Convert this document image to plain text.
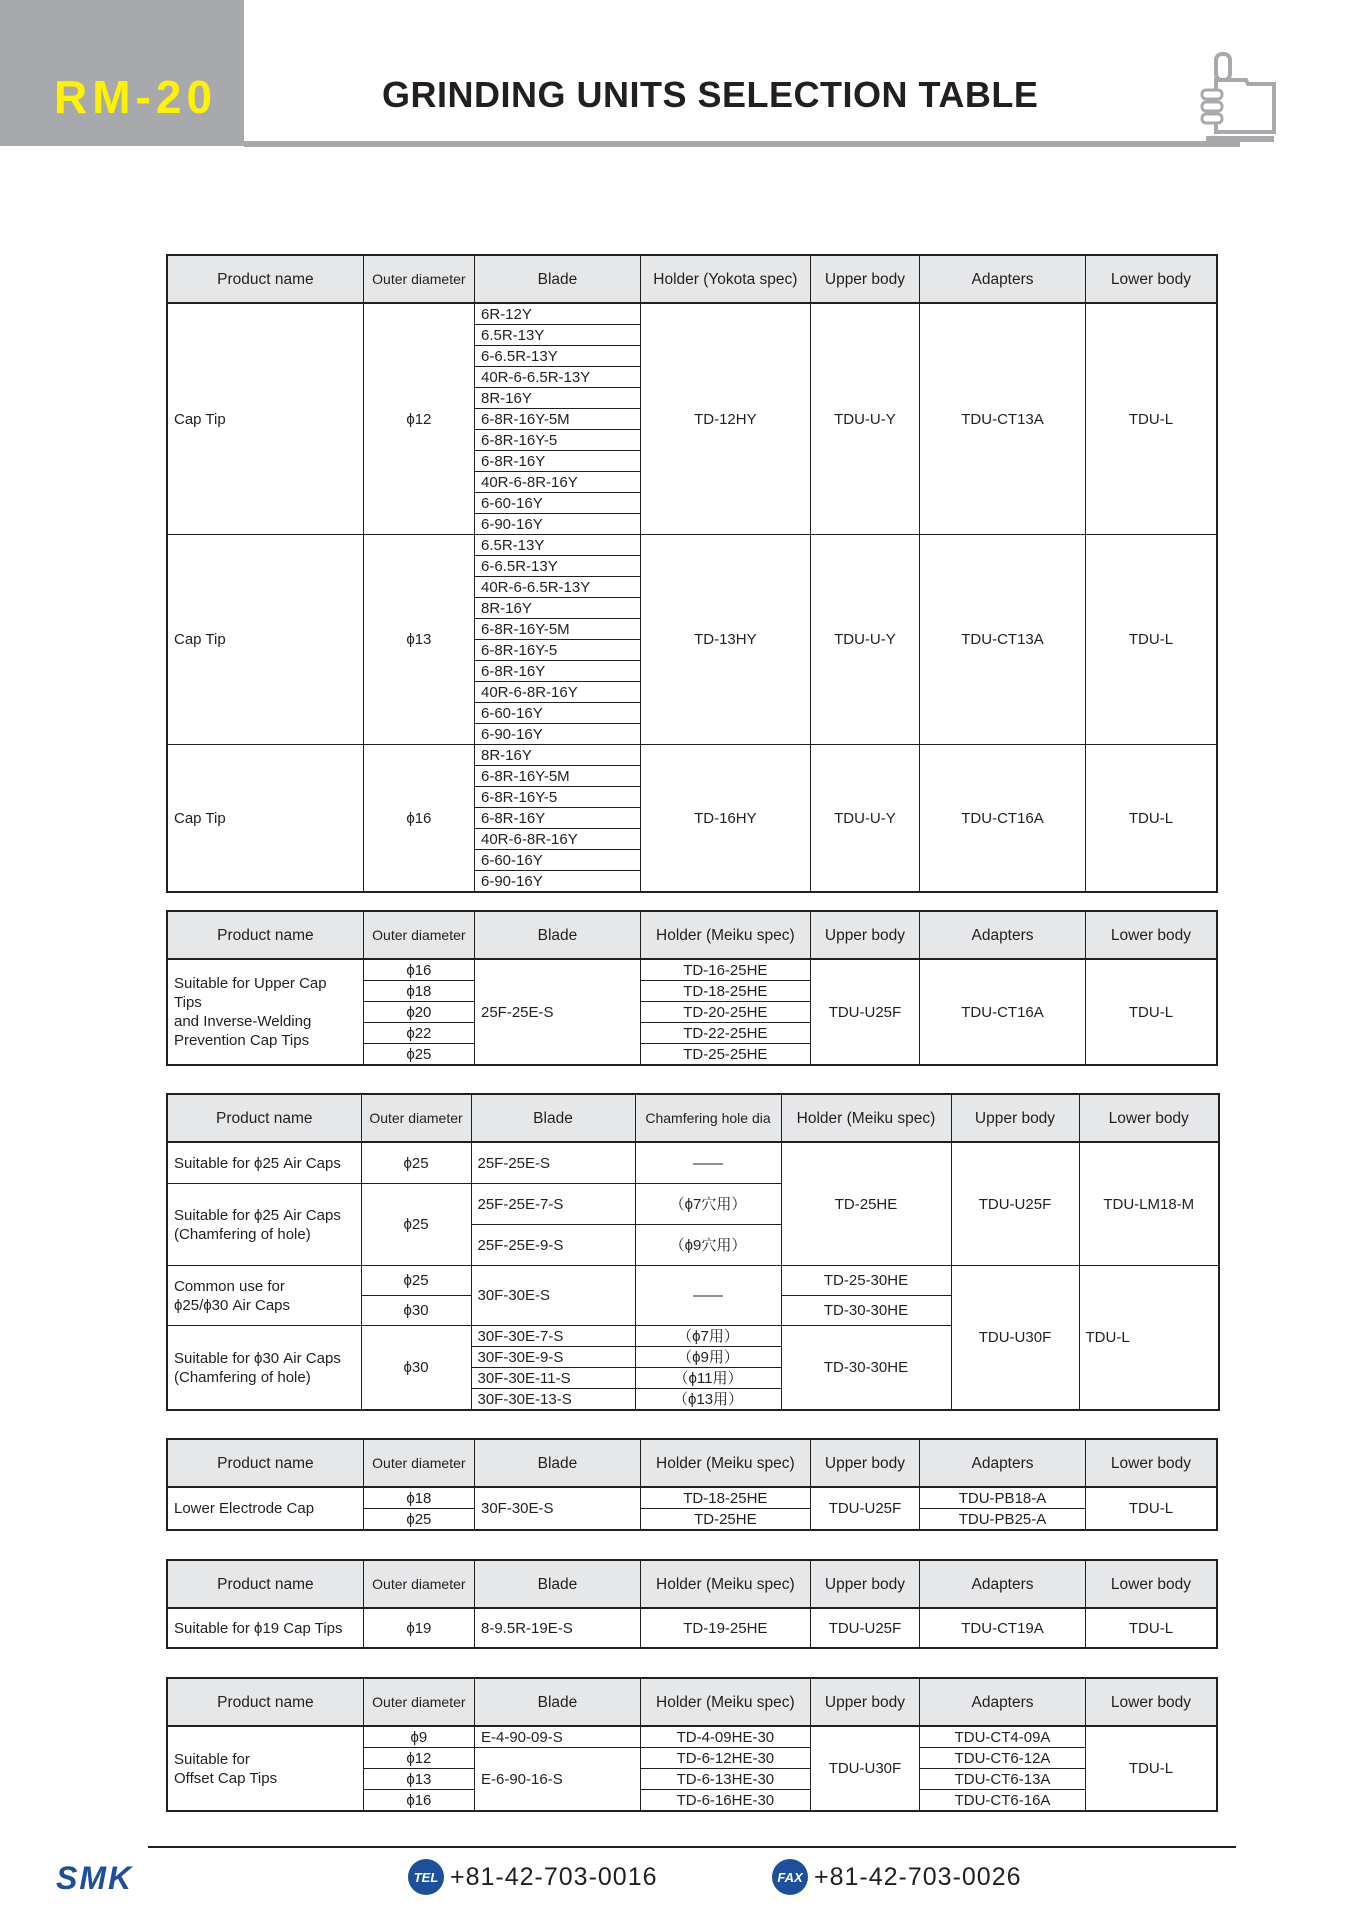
RM-20	GRINDING UNITS SELECTION TABLE
Product name	Outer diameter	Blade	Holder (Yokota spec)	Upper body	Adapters	Lower body
Cap Tip	ϕ12	6R-12Y	TD-12HY	TDU-U-Y	TDU-CT13A	TDU-L
		6.5R-13Y				
		6-6.5R-13Y				
		40R-6-6.5R-13Y				
		8R-16Y				
		6-8R-16Y-5M				
		6-8R-16Y-5				
		6-8R-16Y				
		40R-6-8R-16Y				
		6-60-16Y				
		6-90-16Y				
Cap Tip	ϕ13	6.5R-13Y	TD-13HY	TDU-U-Y	TDU-CT13A	TDU-L
		6-6.5R-13Y				
		40R-6-6.5R-13Y				
		8R-16Y				
		6-8R-16Y-5M				
		6-8R-16Y-5				
		6-8R-16Y				
		40R-6-8R-16Y				
		6-60-16Y				
		6-90-16Y				
Cap Tip	ϕ16	8R-16Y	TD-16HY	TDU-U-Y	TDU-CT16A	TDU-L
		6-8R-16Y-5M				
		6-8R-16Y-5				
		6-8R-16Y				
		40R-6-8R-16Y				
		6-60-16Y				
		6-90-16Y				
Product name	Outer diameter	Blade	Holder (Meiku spec)	Upper body	Adapters	Lower body
Suitable for Upper Cap Tips
and Inverse-Welding
Prevention Cap Tips	ϕ16	25F-25E-S	TD-16-25HE	TDU-U25F	TDU-CT16A	TDU-L
	ϕ18		TD-18-25HE			
	ϕ20		TD-20-25HE			
	ϕ22		TD-22-25HE			
	ϕ25		TD-25-25HE			
Product name	Outer diameter	Blade	Chamfering hole dia	Holder (Meiku spec)	Upper body	Lower body
Suitable for ϕ25 Air Caps	ϕ25	25F-25E-S	——	TD-25HE	TDU-U25F	TDU-LM18-M
Suitable for ϕ25 Air Caps
(Chamfering of hole)	ϕ25	25F-25E-7-S	（ϕ7穴用）			
		25F-25E-9-S	（ϕ9穴用）			
Common use for
ϕ25/ϕ30 Air Caps	ϕ25	30F-30E-S	——	TD-25-30HE	TDU-U30F	TDU-L
	ϕ30			TD-30-30HE		
Suitable for ϕ30 Air Caps
(Chamfering of hole)	ϕ30	30F-30E-7-S	（ϕ7用）	TD-30-30HE		
		30F-30E-9-S	（ϕ9用）			
		30F-30E-11-S	（ϕ11用）			
		30F-30E-13-S	（ϕ13用）			
Product name	Outer diameter	Blade	Holder (Meiku spec)	Upper body	Adapters	Lower body
Lower Electrode Cap	ϕ18	30F-30E-S	TD-18-25HE	TDU-U25F	TDU-PB18-A	TDU-L
	ϕ25		TD-25HE		TDU-PB25-A	
Product name	Outer diameter	Blade	Holder (Meiku spec)	Upper body	Adapters	Lower body
Suitable for ϕ19 Cap Tips	ϕ19	8-9.5R-19E-S	TD-19-25HE	TDU-U25F	TDU-CT19A	TDU-L
Product name	Outer diameter	Blade	Holder (Meiku spec)	Upper body	Adapters	Lower body
Suitable for
Offset Cap Tips	ϕ9	E-4-90-09-S	TD-4-09HE-30	TDU-U30F	TDU-CT4-09A	TDU-L
	ϕ12	E-6-90-16-S	TD-6-12HE-30		TDU-CT6-12A	
	ϕ13		TD-6-13HE-30		TDU-CT6-13A	
	ϕ16		TD-6-16HE-30		TDU-CT6-16A	
SMK	TEL +81-42-703-0016	FAX +81-42-703-0026
